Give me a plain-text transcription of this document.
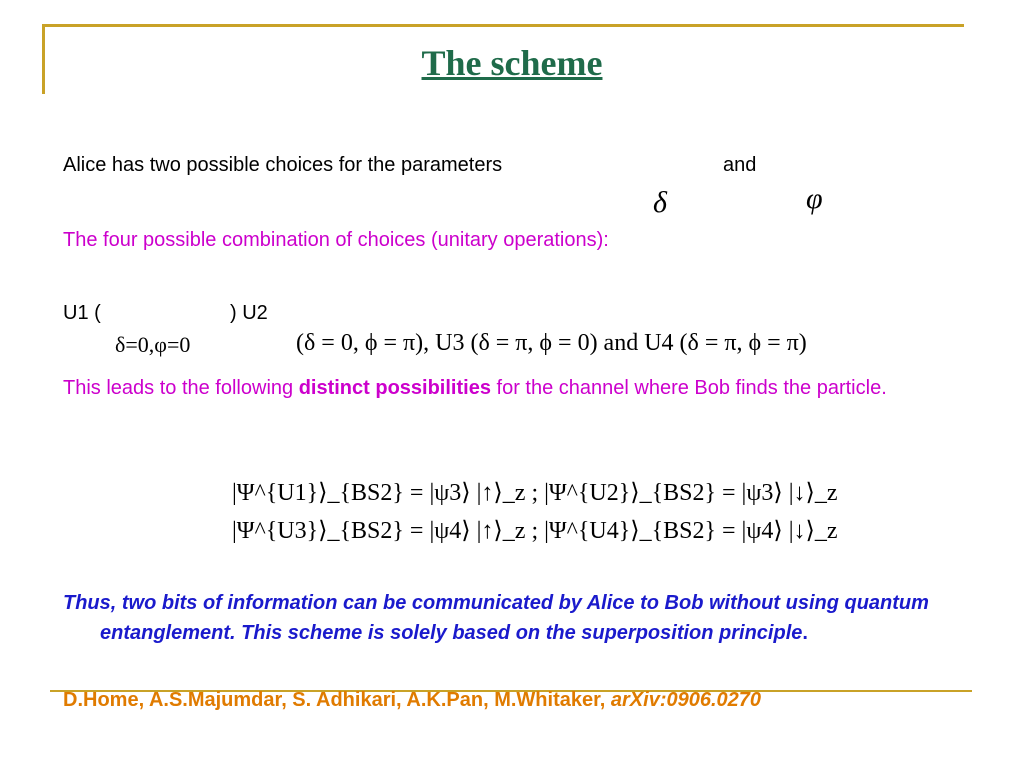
The scheme
Alice has two possible choices for the parameters	and
δ	φ
The four possible combination of choices (unitary operations):
U1 (	) U2
δ=0,φ=0	(δ = 0, ϕ = π), U3 (δ = π, ϕ = 0) and U4 (δ = π, ϕ = π)
This leads to the following distinct possibilities for the channel where Bob finds the particle.
|Ψ^{U1}⟩_{BS2} = |ψ3⟩ |↑⟩_z ; |Ψ^{U2}⟩_{BS2} = |ψ3⟩ |↓⟩_z
|Ψ^{U3}⟩_{BS2} = |ψ4⟩ |↑⟩_z ; |Ψ^{U4}⟩_{BS2} = |ψ4⟩ |↓⟩_z
Thus, two bits of information can be communicated by Alice to Bob without using quantum entanglement. This scheme is solely based on the superposition principle.
D.Home, A.S.Majumdar, S. Adhikari, A.K.Pan, M.Whitaker, arXiv:0906.0270
